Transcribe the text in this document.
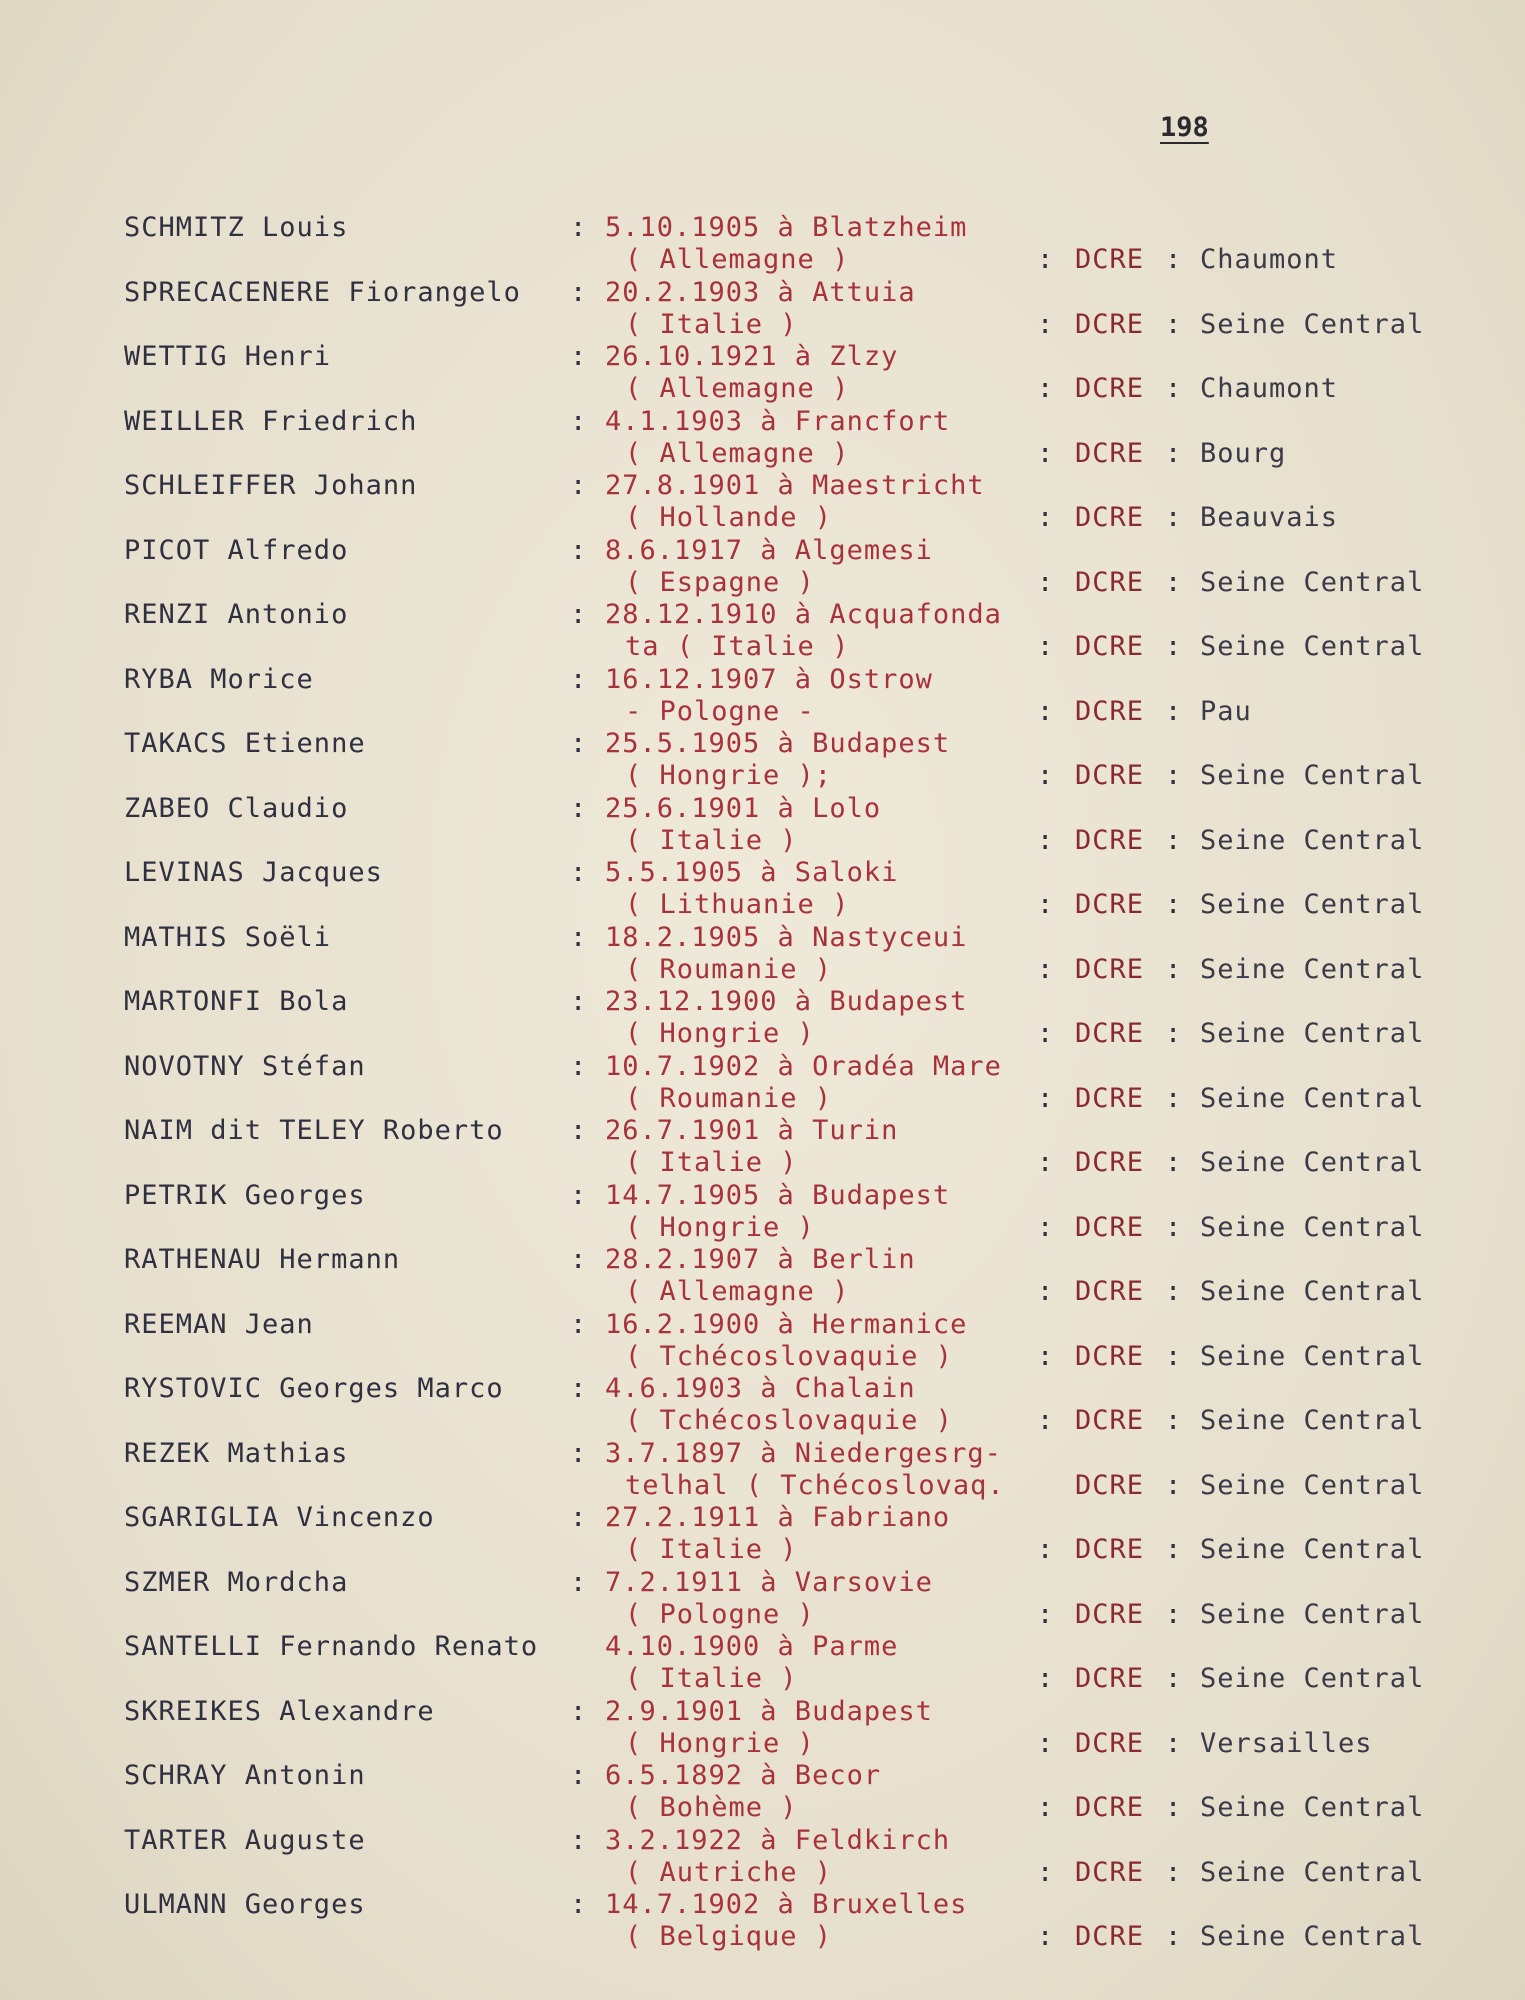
198
SCHMITZ Louis	: 5.10.1905 à Blatzheim
( Allemagne )	: DCRE : Chaumont
SPRECACENERE Fiorangelo : 20.2.1903 à Attuia
( Italie )	: DCRE : Seine Central
WETTIG Henri	: 26.10.1921 à Zlzy
( Allemagne )	: DCRE : Chaumont
WEILLER Friedrich	: 4.1.1903 à Francfort
( Allemagne )	: DCRE : Bourg
SCHLEIFFER Johann	: 27.8.1901 à Maestricht
( Hollande )	: DCRE : Beauvais
PICOT Alfredo	: 8.6.1917 à Algemesi
( Espagne )	: DCRE : Seine Central
RENZI Antonio	: 28.12.1910 à Acquafonda
ta ( Italie )	: DCRE : Seine Central
RYBA Morice	: 16.12.1907 à Ostrow
- Pologne -	: DCRE : Pau
TAKACS Etienne	: 25.5.1905 à Budapest
( Hongrie );	: DCRE : Seine Central
ZABEO Claudio	: 25.6.1901 à Lolo
( Italie )	: DCRE : Seine Central
LEVINAS Jacques	: 5.5.1905 à Saloki
( Lithuanie )	: DCRE : Seine Central
MATHIS Soëli	: 18.2.1905 à Nastyceui
( Roumanie )	: DCRE : Seine Central
MARTONFI Bola	: 23.12.1900 à Budapest
( Hongrie )	: DCRE : Seine Central
NOVOTNY Stéfan	: 10.7.1902 à Oradéa Mare
( Roumanie )	: DCRE : Seine Central
NAIM dit TELEY Roberto : 26.7.1901 à Turin
( Italie )	: DCRE : Seine Central
PETRIK Georges	: 14.7.1905 à Budapest
( Hongrie )	: DCRE : Seine Central
RATHENAU Hermann	: 28.2.1907 à Berlin
( Allemagne )	: DCRE : Seine Central
REEMAN Jean	: 16.2.1900 à Hermanice
( Tchécoslovaquie )	: DCRE : Seine Central
RYSTOVIC Georges Marco : 4.6.1903 à Chalain
( Tchécoslovaquie )	: DCRE : Seine Central
REZEK Mathias	: 3.7.1897 à Niedergesrg-
telhal ( Tchécoslovaq.	DCRE : Seine Central
SGARIGLIA Vincenzo	: 27.2.1911 à Fabriano
( Italie )	: DCRE : Seine Central
SZMER Mordcha	: 7.2.1911 à Varsovie
( Pologne )	: DCRE : Seine Central
SANTELLI Fernando Renato 4.10.1900 à Parme
( Italie )	: DCRE : Seine Central
SKREIKES Alexandre	: 2.9.1901 à Budapest
( Hongrie )	: DCRE : Versailles
SCHRAY Antonin	: 6.5.1892 à Becor
( Bohème )	: DCRE : Seine Central
TARTER Auguste	: 3.2.1922 à Feldkirch
( Autriche )	: DCRE : Seine Central
ULMANN Georges	: 14.7.1902 à Bruxelles
( Belgique )	: DCRE : Seine Central
